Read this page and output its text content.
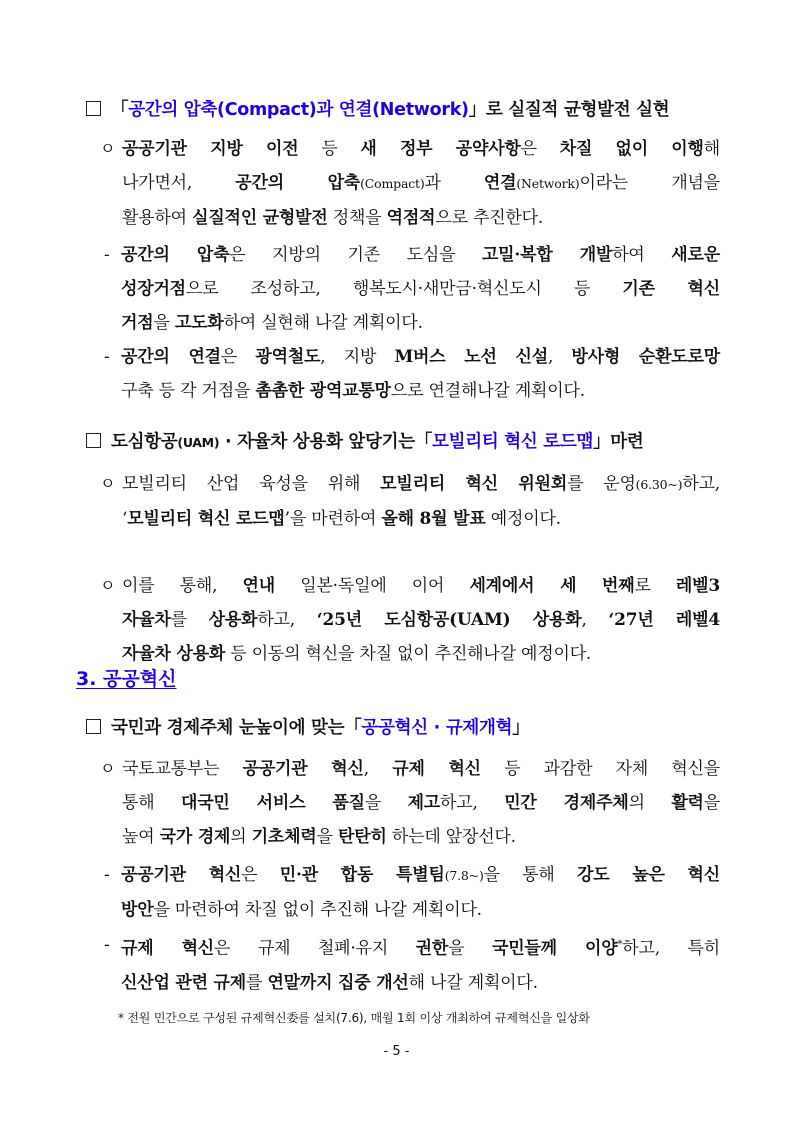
「공간의 압축(Compact)과 연결(Network)」로 실질적 균형발전 실현
ㅇ 공공기관 지방 이전 등 새 정부 공약사항은 차질 없이 이행해
나가면서, 공간의 압축(Compact)과 연결(Network)이라는 개념을
활용하여 실질적인 균형발전 정책을 역점적으로 추진한다.
- 공간의 압축은 지방의 기존 도심을 고밀·복합 개발하여 새로운
성장거점으로 조성하고, 행복도시·새만금·혁신도시 등 기존 혁신
거점을 고도화하여 실현해 나갈 계획이다.
- 공간의 연결은 광역철도, 지방 M버스 노선 신설, 방사형 순환도로망
구축 등 각 거점을 촘촘한 광역교통망으로 연결해나갈 계획이다.
도심항공(UAM) · 자율차 상용화 앞당기는「모빌리티 혁신 로드맵」마련
ㅇ 모빌리티 산업 육성을 위해 모빌리티 혁신 위원회를 운영(6.30~)하고,
‘모빌리티 혁신 로드맵’을 마련하여 올해 8월 발표 예정이다.
ㅇ 이를 통해, 연내 일본·독일에 이어 세계에서 세 번째로 레벨3
자율차를 상용화하고, ‘25년 도심항공(UAM) 상용화, ‘27년 레벨4
자율차 상용화 등 이동의 혁신을 차질 없이 추진해나갈 예정이다.
3. 공공혁신
국민과 경제주체 눈높이에 맞는「공공혁신 · 규제개혁」
ㅇ 국토교통부는 공공기관 혁신, 규제 혁신 등 과감한 자체 혁신을
통해 대국민 서비스 품질을 제고하고, 민간 경제주체의 활력을
높여 국가 경제의 기초체력을 탄탄히 하는데 앞장선다.
- 공공기관 혁신은 민·관 합동 특별팀(7.8~)을 통해 강도 높은 혁신
방안을 마련하여 차질 없이 추진해 나갈 계획이다.
- 규제 혁신은 규제 철폐·유지 권한을 국민들께 이양*하고, 특히
신산업 관련 규제를 연말까지 집중 개선해 나갈 계획이다.
* 전원 민간으로 구성된 규제혁신委를 설치(7.6), 매월 1회 이상 개최하여 규제혁신을 일상화
- 5 -
